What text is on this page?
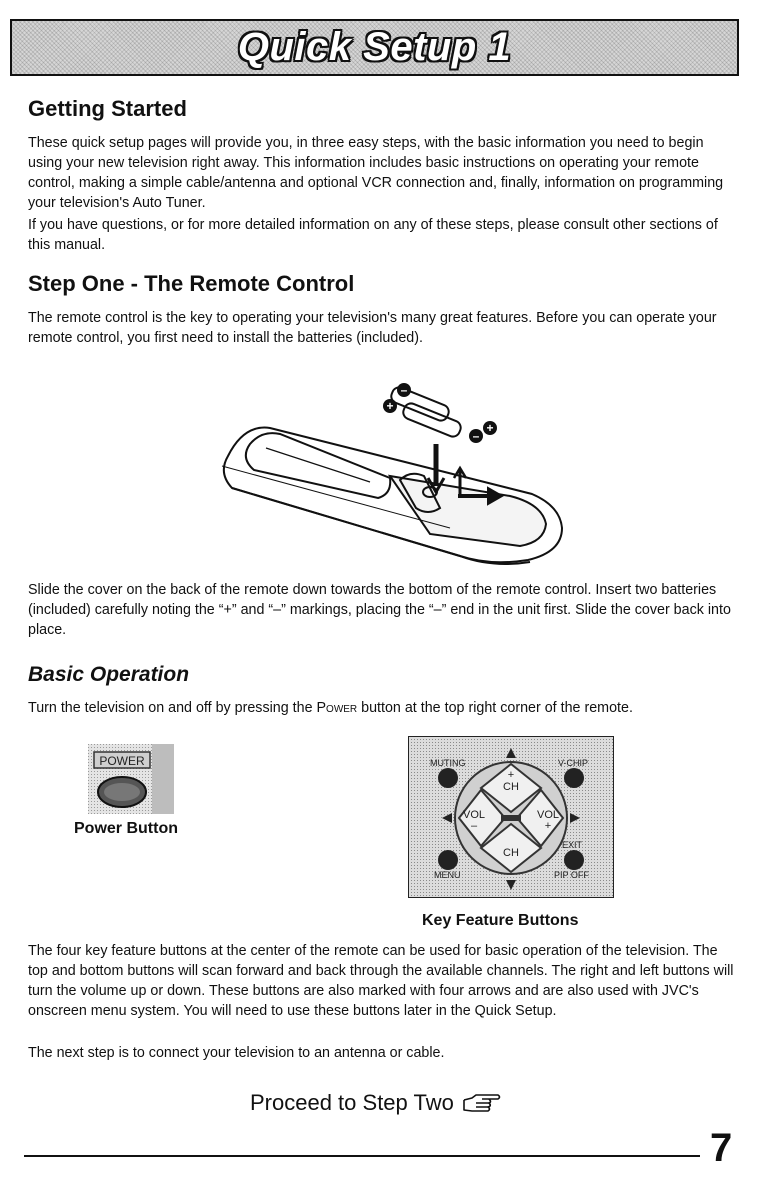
Quick Setup 1
Getting Started

These quick setup pages will provide you, in three easy steps, with the basic information you need to begin using your new television right away. This information includes basic instructions on operating your remote control, making a simple cable/antenna and optional VCR connection and, finally, information on programming your television's Auto Tuner.

If you have questions, or for more detailed information on any of these steps, please consult other sections of this manual.

Step One - The Remote Control

The remote control is the key to operating your television's many great features. Before you can operate your remote control, you first need to install the batteries (included).

–
+
+
–

Slide the cover on the back of the remote down towards the bottom of the remote control. Insert two batteries (included) carefully noting the “+” and “–” markings, placing the “–” end in the unit first. Slide the cover back into place.

Basic Operation

Turn the television on and off by pressing the Power button at the top right corner of the remote.

POWER

Power Button

MUTING	V-CHIP
EXIT
MENU	PIP OFF
+
CH
VOL
–
VOL
+
CH

Key Feature Buttons

The four key feature buttons at the center of the remote can be used for basic operation of the television. The top and bottom buttons will scan forward and back through the available channels. The right and left buttons will turn the volume up or down. These buttons are also marked with four arrows and are also used with JVC's onscreen menu system. You will need to use these buttons later in the Quick Setup.

The next step is to connect your television to an antenna or cable.

Proceed to Step Two

7
